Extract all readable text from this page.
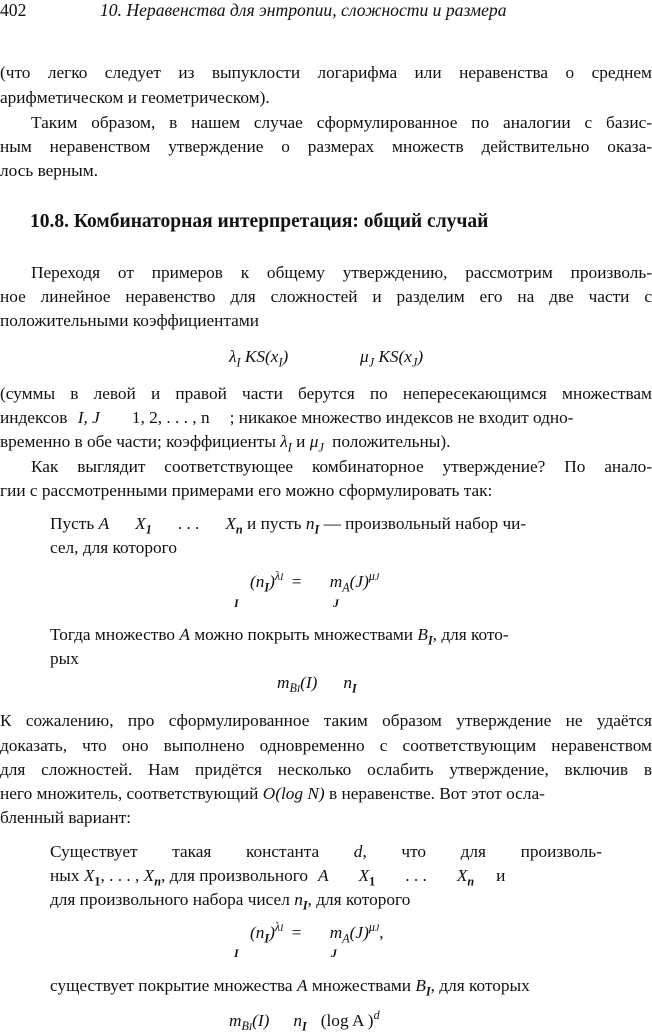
402	10. Неравенства для энтропии, сложности и размера
(что легко следует из выпуклости логарифма или неравенства о среднем
арифметическом и геометрическом).
Таким образом, в нашем случае сформулированное по аналогии с базис-
ным неравенством утверждение о размерах множеств действительно оказа-
лось верным.
10.8. Комбинаторная интерпретация: общий случай
Переходя от примеров к общему утверждению, рассмотрим произволь-
ное линейное неравенство для сложностей и разделим его на две части с
положительными коэффициентами
$\lambda_I$ $KS(x_I)$	$\mu_J$ $KS(x_J)$
(суммы в левой и правой части берутся по непересекающимся множествам
индексов I, J 1, 2, . . . , n ; никакое множество индексов не входит одно-
временно в обе части; коэффициенты $\lambda_I$ и $\mu_J$ положительны).
Как выглядит соответствующее комбинаторное утверждение? По анало-
гии с рассмотренными примерами его можно сформулировать так:
Пусть A $X_1$ . . . $X_n$ и пусть $n_I$ — произвольный набор чи-
сел, для которого
$(n_I)^{\lambda I} = m_A(J)^{\mu J}$
I	J
Тогда множество A можно покрыть множествами $B_I$, для кото-
рых
$m_{BI}(I)$ $n_I$
К сожалению, про сформулированное таким образом утверждение не удаётся
доказать, что оно выполнено одновременно с соответствующим неравенством
для сложностей. Нам придётся несколько ослабить утверждение, включив в
него множитель, соответствующий O(log N) в неравенстве. Вот этот осла-
бленный вариант:
Существует такая константа d, что для произволь-
ных $X_1$, . . . , $X_n$, для произвольного A $X_1$ . . . $X_n$ и
для произвольного набора чисел $n_I$, для которого
$(n_I)^{\lambda I} = m_A(J)^{\mu J}$,
I	J
существует покрытие множества A множествами $B_I$, для которых
$m_{BI}(I)$ $n_I$ (log A )$^d$
